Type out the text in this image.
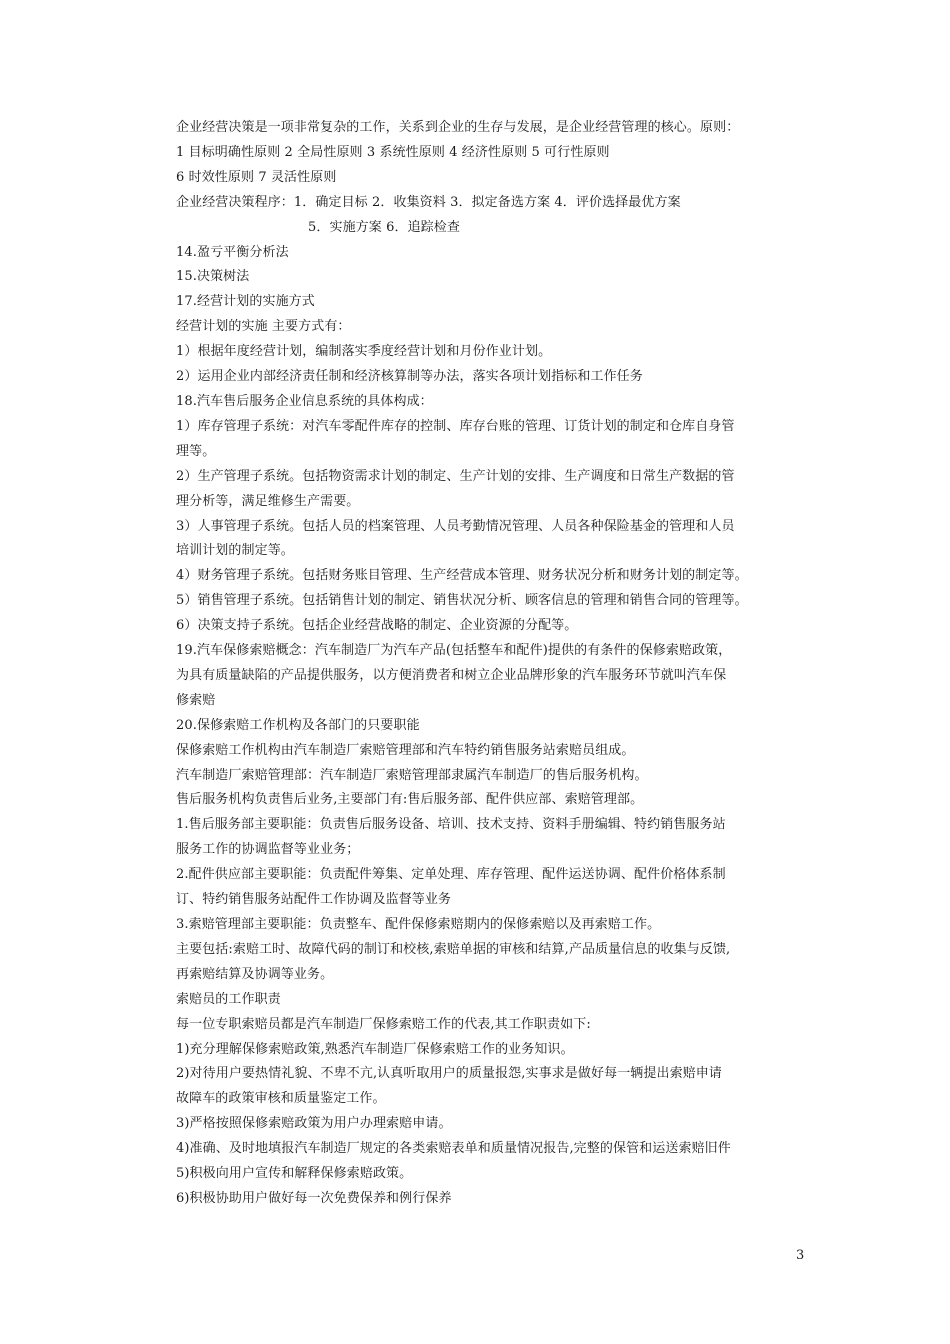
企业经营决策是一项非常复杂的工作，关系到企业的生存与发展，是企业经营管理的核心。原则：
1 目标明确性原则 2 全局性原则 3 系统性原则 4 经济性原则 5 可行性原则
6 时效性原则 7 灵活性原则
企业经营决策程序：1．确定目标 2．收集资料 3．拟定备选方案 4．评价选择最优方案
5．实施方案 6．追踪检查
14.盈亏平衡分析法
15.决策树法
17.经营计划的实施方式
经营计划的实施 主要方式有：
1）根据年度经营计划，编制落实季度经营计划和月份作业计划。
2）运用企业内部经济责任制和经济核算制等办法，落实各项计划指标和工作任务
18.汽车售后服务企业信息系统的具体构成：
1）库存管理子系统：对汽车零配件库存的控制、库存台账的管理、订货计划的制定和仓库自身管
理等。
2）生产管理子系统。包括物资需求计划的制定、生产计划的安排、生产调度和日常生产数据的管
理分析等，满足维修生产需要。
3）人事管理子系统。包括人员的档案管理、人员考勤情况管理、人员各种保险基金的管理和人员
培训计划的制定等。
4）财务管理子系统。包括财务账目管理、生产经营成本管理、财务状况分析和财务计划的制定等。
5）销售管理子系统。包括销售计划的制定、销售状况分析、顾客信息的管理和销售合同的管理等。
6）决策支持子系统。包括企业经营战略的制定、企业资源的分配等。
19.汽车保修索赔概念：汽车制造厂为汽车产品(包括整车和配件)提供的有条件的保修索赔政策，
为具有质量缺陷的产品提供服务，以方便消费者和树立企业品牌形象的汽车服务环节就叫汽车保
修索赔
20.保修索赔工作机构及各部门的只要职能
保修索赔工作机构由汽车制造厂索赔管理部和汽车特约销售服务站索赔员组成。
汽车制造厂索赔管理部：汽车制造厂索赔管理部隶属汽车制造厂的售后服务机构。
售后服务机构负责售后业务,主要部门有:售后服务部、配件供应部、索赔管理部。
1.售后服务部主要职能：负责售后服务设备、培训、技术支持、资料手册编辑、特约销售服务站
服务工作的协调监督等业业务；
2.配件供应部主要职能：负责配件筹集、定单处理、库存管理、配件运送协调、配件价格体系制
订、特约销售服务站配件工作协调及监督等业务
3.索赔管理部主要职能：负责整车、配件保修索赔期内的保修索赔以及再索赔工作。
主要包括:索赔工时、故障代码的制订和校核,索赔单据的审核和结算,产品质量信息的收集与反馈,
再索赔结算及协调等业务。
索赔员的工作职责
每一位专职索赔员都是汽车制造厂保修索赔工作的代表,其工作职责如下:
1)充分理解保修索赔政策,熟悉汽车制造厂保修索赔工作的业务知识。
2)对待用户要热情礼貌、不卑不亢,认真听取用户的质量报怨,实事求是做好每一辆提出索赔申请
故障车的政策审核和质量鉴定工作。
3)严格按照保修索赔政策为用户办理索赔申请。
4)准确、及时地填报汽车制造厂规定的各类索赔表单和质量情况报告,完整的保管和运送索赔旧件
5)积极向用户宣传和解释保修索赔政策。
6)积极协助用户做好每一次免费保养和例行保养
3
